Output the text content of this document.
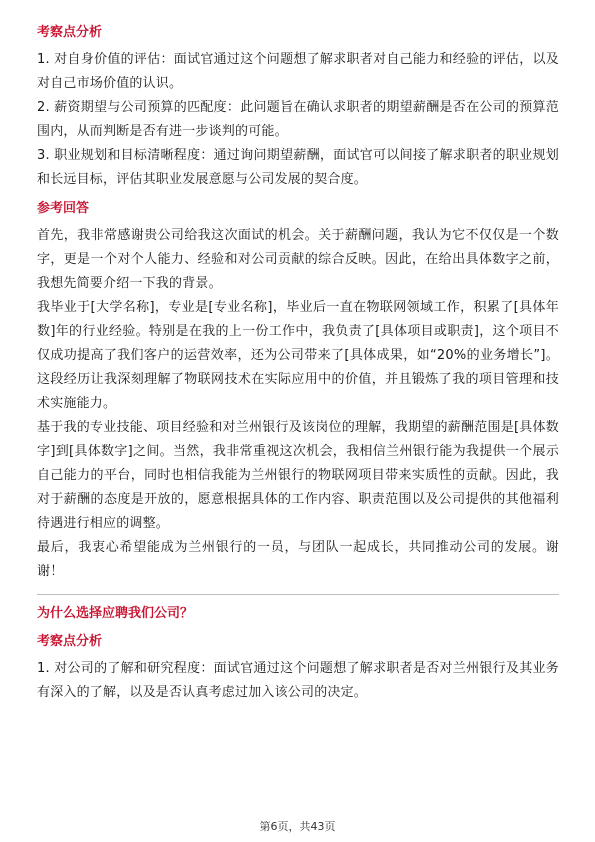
考察点分析

1. 对自身价值的评估：面试官通过这个问题想了解求职者对自己能力和经验的评估，以及对自己市场价值的认识。

2. 薪资期望与公司预算的匹配度：此问题旨在确认求职者的期望薪酬是否在公司的预算范围内，从而判断是否有进一步谈判的可能。

3. 职业规划和目标清晰程度：通过询问期望薪酬，面试官可以间接了解求职者的职业规划和长远目标，评估其职业发展意愿与公司发展的契合度。

参考回答

首先，我非常感谢贵公司给我这次面试的机会。关于薪酬问题，我认为它不仅仅是一个数字，更是一个对个人能力、经验和对公司贡献的综合反映。因此，在给出具体数字之前，我想先简要介绍一下我的背景。

我毕业于[大学名称]，专业是[专业名称]，毕业后一直在物联网领域工作，积累了[具体年数]年的行业经验。特别是在我的上一份工作中，我负责了[具体项目或职责]，这个项目不仅成功提高了我们客户的运营效率，还为公司带来了[具体成果，如“20%的业务增长”]。这段经历让我深刻理解了物联网技术在实际应用中的价值，并且锻炼了我的项目管理和技术实施能力。

基于我的专业技能、项目经验和对兰州银行及该岗位的理解，我期望的薪酬范围是[具体数字]到[具体数字]之间。当然，我非常重视这次机会，我相信兰州银行能为我提供一个展示自己能力的平台，同时也相信我能为兰州银行的物联网项目带来实质性的贡献。因此，我对于薪酬的态度是开放的，愿意根据具体的工作内容、职责范围以及公司提供的其他福利待遇进行相应的调整。

最后，我衷心希望能成为兰州银行的一员，与团队一起成长，共同推动公司的发展。谢谢！

为什么选择应聘我们公司？
考察点分析

1. 对公司的了解和研究程度：面试官通过这个问题想了解求职者是否对兰州银行及其业务有深入的了解，以及是否认真考虑过加入该公司的决定。

第6页，共43页
